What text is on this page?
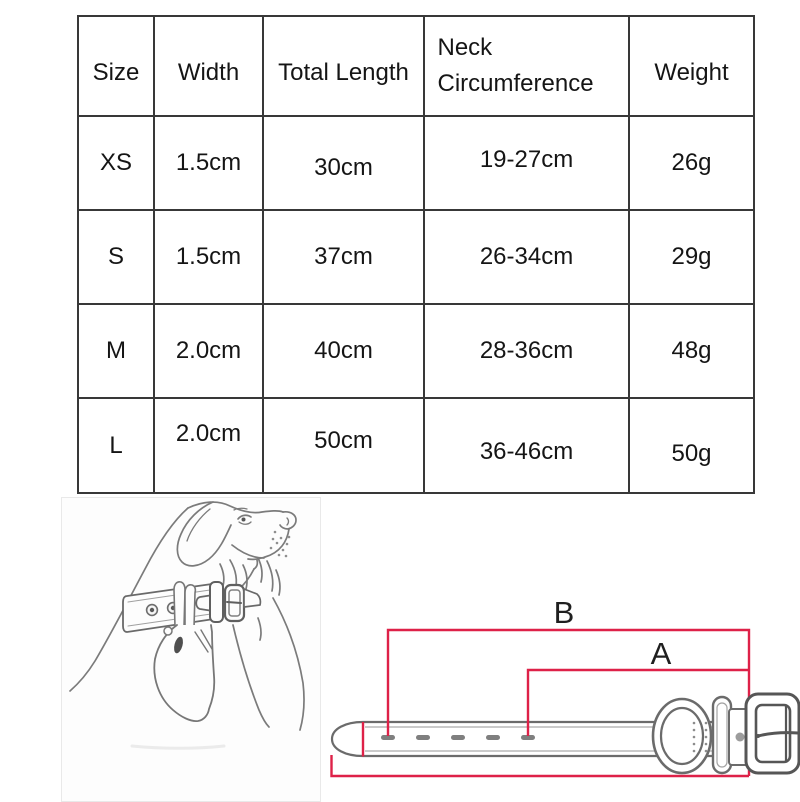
Size	Width	Total Length	Neck Circumference	Weight
XS	1.5cm	30cm	19-27cm	26g
S	1.5cm	37cm	26-34cm	29g
M	2.0cm	40cm	28-36cm	48g
L	2.0cm	50cm	36-46cm	50g
B
A
